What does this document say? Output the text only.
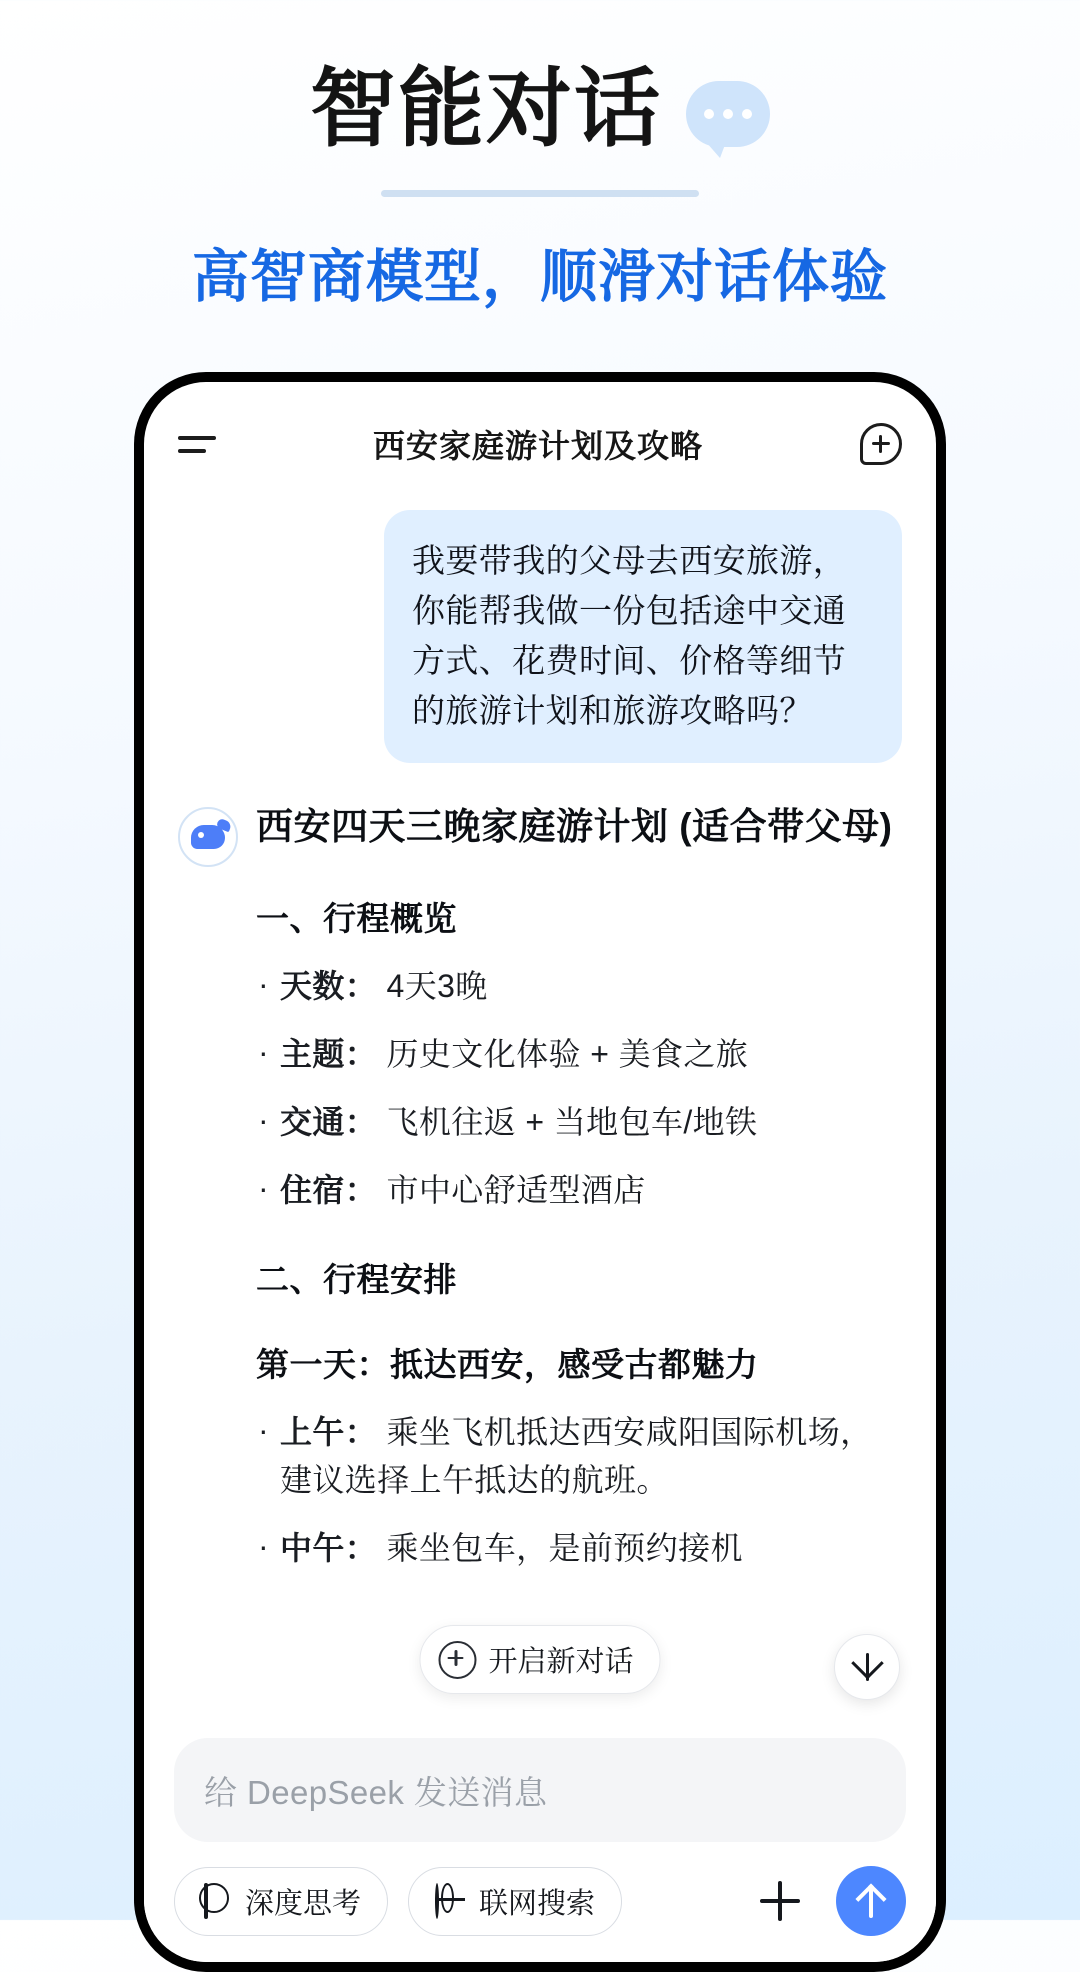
智能对话
高智商模型，顺滑对话体验
西安家庭游计划及攻略
我要带我的父母去西安旅游，你能帮我做一份包括途中交通方式、花费时间、价格等细节的旅游计划和旅游攻略吗？
西安四天三晚家庭游计划 (适合带父母)
一、行程概览
· 天数： 4天3晚
· 主题： 历史文化体验 + 美食之旅
· 交通： 飞机往返 + 当地包车/地铁
· 住宿： 市中心舒适型酒店
二、行程安排
第一天：抵达西安，感受古都魅力
· 上午： 乘坐飞机抵达西安咸阳国际机场，建议选择上午抵达的航班。
· 中午： 乘坐包车，是前预约接机
开启新对话
给 DeepSeek 发送消息
深度思考	联网搜索
